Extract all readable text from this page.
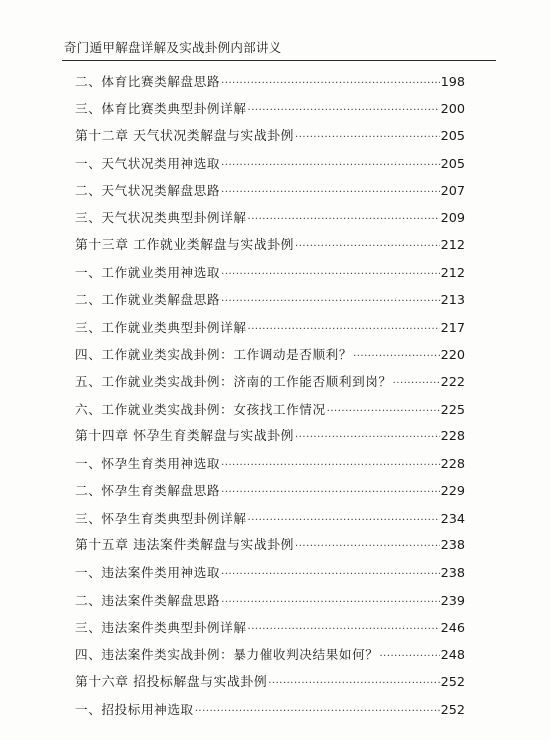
奇门遁甲解盘详解及实战卦例内部讲义
二、体育比赛类解盘思路 ·····	198
三、体育比赛类典型卦例详解 ·····	200
第十二章 天气状况类解盘与实战卦例 ·····	205
一、天气状况类用神选取 ·····	205
二、天气状况类解盘思路 ·····	207
三、天气状况类典型卦例详解 ·····	209
第十三章 工作就业类解盘与实战卦例 ·····	212
一、工作就业类用神选取 ·····	212
二、工作就业类解盘思路 ·····	213
三、工作就业类典型卦例详解 ·····	217
四、工作就业类实战卦例：工作调动是否顺利？ ·····	220
五、工作就业类实战卦例：济南的工作能否顺利到岗？ ·····	222
六、工作就业类实战卦例：女孩找工作情况 ·····	225
第十四章 怀孕生育类解盘与实战卦例 ·····	228
一、怀孕生育类用神选取 ·····	228
二、怀孕生育类解盘思路 ·····	229
三、怀孕生育类典型卦例详解 ·····	234
第十五章 违法案件类解盘与实战卦例 ·····	238
一、违法案件类用神选取 ·····	238
二、违法案件类解盘思路 ·····	239
三、违法案件类典型卦例详解 ·····	246
四、违法案件类实战卦例：暴力催收判决结果如何？ ·····	248
第十六章 招投标解盘与实战卦例 ·····	252
一、招投标用神选取 ·····	252
